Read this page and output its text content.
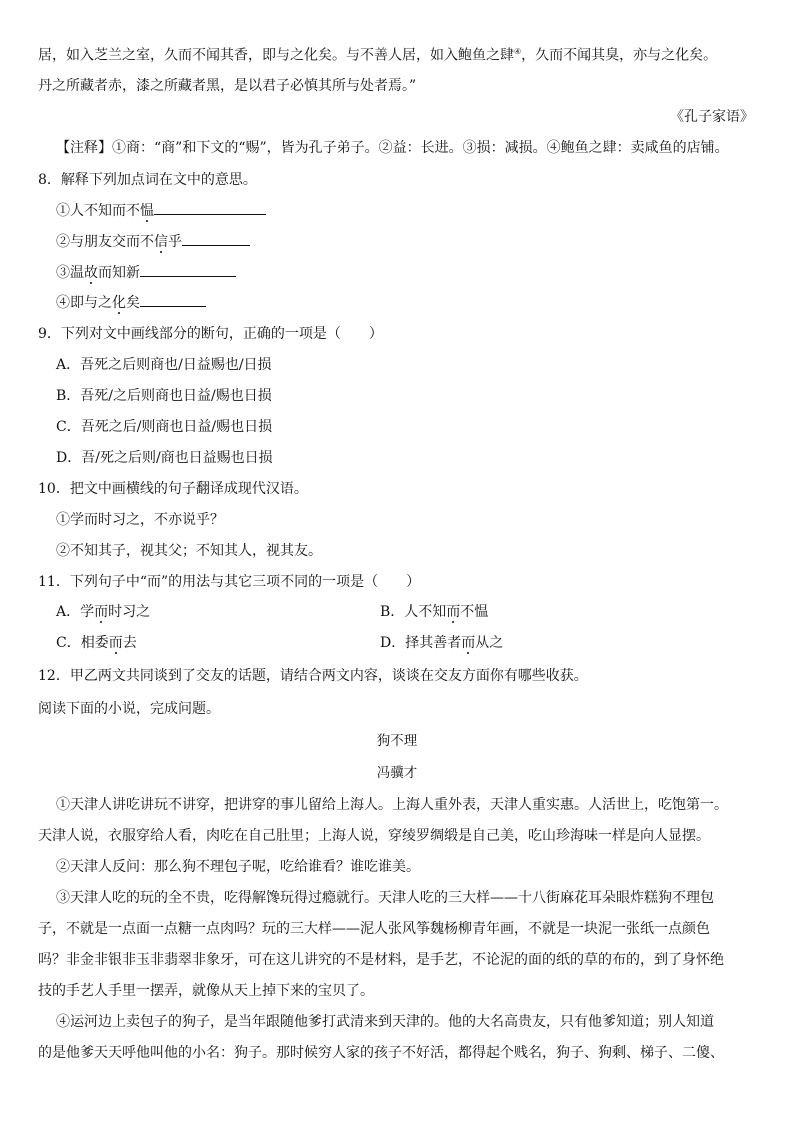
居，如入芝兰之室，久而不闻其香，即与之化矣。与不善人居，如入鲍鱼之肆④，久而不闻其臭，亦与之化矣。
丹之所藏者赤，漆之所藏者黑，是以君子必慎其所与处者焉。”
《孔子家语》
【注释】①商：“商”和下文的“赐”，皆为孔子弟子。②益：长进。③损：减损。④鲍鱼之肆：卖咸鱼的店铺。
8．解释下列加点词在文中的意思。
①人不知而不愠
②与朋友交而不信乎
③温故而知新
④即与之化矣
9．下列对文中画线部分的断句，正确的一项是（　　）
A．吾死之后则商也/日益赐也/日损
B．吾死/之后则商也日益/赐也日损
C．吾死之后/则商也日益/赐也日损
D．吾/死之后则/商也日益赐也日损
10．把文中画横线的句子翻译成现代汉语。
①学而时习之，不亦说乎？
②不知其子，视其父；不知其人，视其友。
11．下列句子中“而”的用法与其它三项不同的一项是（　　）
A．学而时习之	B．人不知而不愠
C．相委而去	D．择其善者而从之
12．甲乙两文共同谈到了交友的话题，请结合两文内容，谈谈在交友方面你有哪些收获。
阅读下面的小说，完成问题。
狗不理
冯骥才
①天津人讲吃讲玩不讲穿，把讲穿的事儿留给上海人。上海人重外表，天津人重实惠。人活世上，吃饱第一。
天津人说，衣服穿给人看，肉吃在自己肚里；上海人说，穿绫罗绸缎是自己美，吃山珍海味一样是向人显摆。
②天津人反问：那么狗不理包子呢，吃给谁看？谁吃谁美。
③天津人吃的玩的全不贵，吃得解馋玩得过瘾就行。天津人吃的三大样——十八街麻花耳朵眼炸糕狗不理包
子，不就是一点面一点糖一点肉吗？玩的三大样——泥人张风筝魏杨柳青年画，不就是一块泥一张纸一点颜色
吗？非金非银非玉非翡翠非象牙，可在这儿讲究的不是材料，是手艺，不论泥的面的纸的草的布的，到了身怀绝
技的手艺人手里一摆弄，就像从天上掉下来的宝贝了。
④运河边上卖包子的狗子，是当年跟随他爹打武清来到天津的。他的大名高贵友，只有他爹知道；别人知道
的是他爹天天呼他叫他的小名：狗子。那时候穷人家的孩子不好活，都得起个贱名，狗子、狗剩、梯子、二傻、
